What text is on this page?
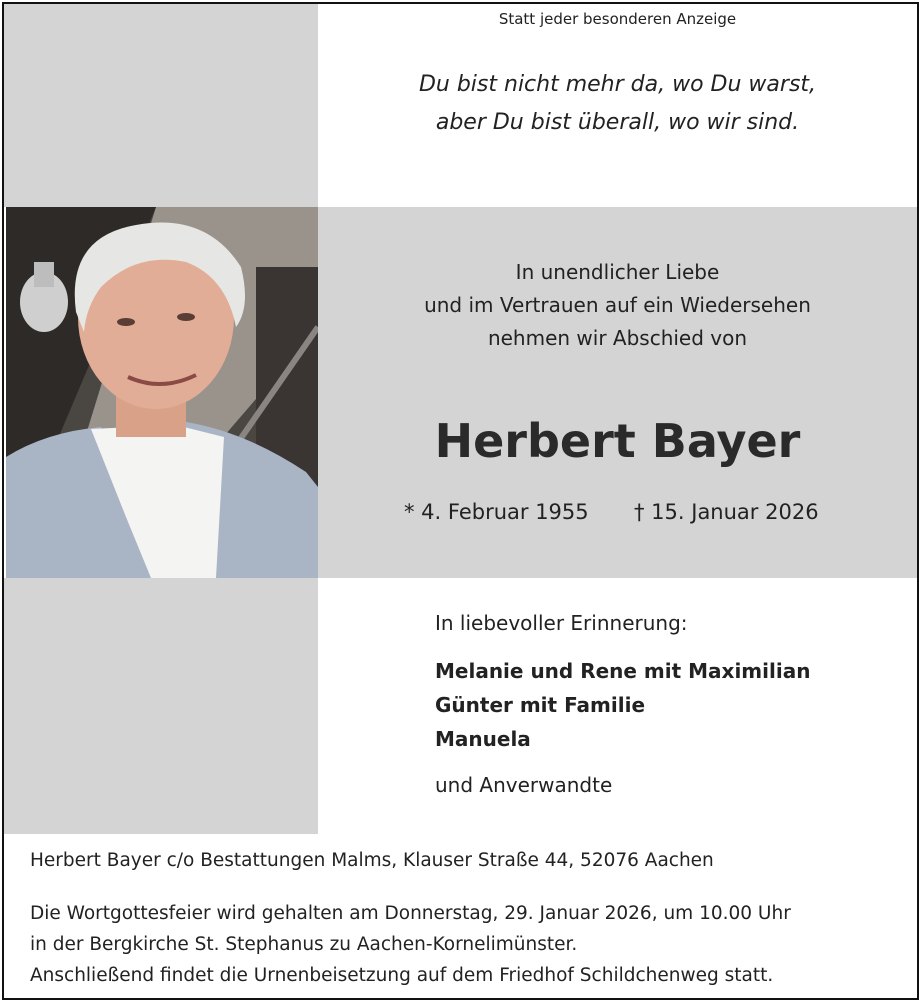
Statt jeder besonderen Anzeige
Du bist nicht mehr da, wo Du warst,
aber Du bist überall, wo wir sind.
In unendlicher Liebe
und im Vertrauen auf ein Wiedersehen
nehmen wir Abschied von
Herbert Bayer
* 4. Februar 1955 † 15. Januar 2026
In liebevoller Erinnerung:
Melanie und Rene mit Maximilian
Günter mit Familie
Manuela
und Anverwandte
Herbert Bayer c/o Bestattungen Malms, Klauser Straße 44, 52076 Aachen
Die Wortgottesfeier wird gehalten am Donnerstag, 29. Januar 2026, um 10.00 Uhr
in der Bergkirche St. Stephanus zu Aachen-Kornelimünster.
Anschließend findet die Urnenbeisetzung auf dem Friedhof Schildchenweg statt.
